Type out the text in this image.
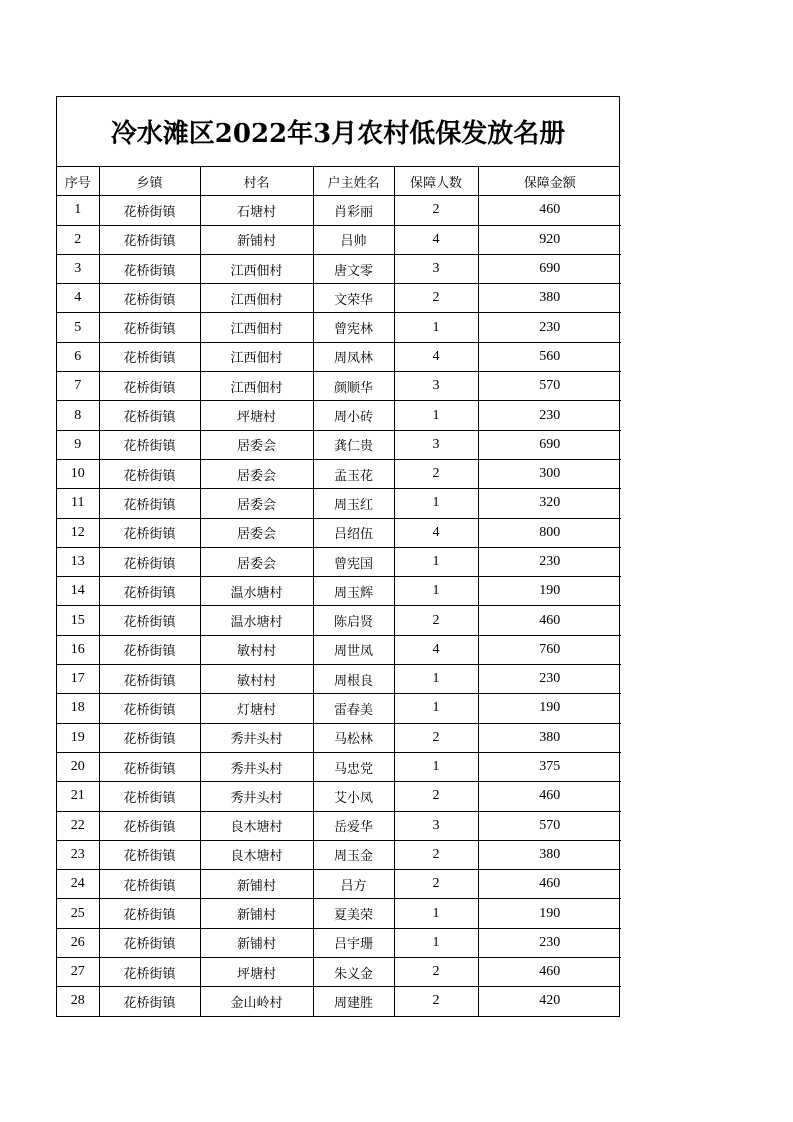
冷水滩区2022年3月农村低保发放名册
序号	乡镇	村名	户主姓名	保障人数	保障金额
1	花桥街镇	石塘村	肖彩丽	2	460
2	花桥街镇	新铺村	吕帅	4	920
3	花桥街镇	江西佃村	唐文零	3	690
4	花桥街镇	江西佃村	文荣华	2	380
5	花桥街镇	江西佃村	曾宪林	1	230
6	花桥街镇	江西佃村	周凤林	4	560
7	花桥街镇	江西佃村	颜顺华	3	570
8	花桥街镇	坪塘村	周小砖	1	230
9	花桥街镇	居委会	龚仁贵	3	690
10	花桥街镇	居委会	孟玉花	2	300
11	花桥街镇	居委会	周玉红	1	320
12	花桥街镇	居委会	吕绍伍	4	800
13	花桥街镇	居委会	曾宪国	1	230
14	花桥街镇	温水塘村	周玉辉	1	190
15	花桥街镇	温水塘村	陈启贤	2	460
16	花桥街镇	敏村村	周世凤	4	760
17	花桥街镇	敏村村	周根良	1	230
18	花桥街镇	灯塘村	雷春美	1	190
19	花桥街镇	秀井头村	马松林	2	380
20	花桥街镇	秀井头村	马忠党	1	375
21	花桥街镇	秀井头村	艾小凤	2	460
22	花桥街镇	良木塘村	岳爱华	3	570
23	花桥街镇	良木塘村	周玉金	2	380
24	花桥街镇	新铺村	吕方	2	460
25	花桥街镇	新铺村	夏美荣	1	190
26	花桥街镇	新铺村	吕宇珊	1	230
27	花桥街镇	坪塘村	朱义金	2	460
28	花桥街镇	金山岭村	周建胜	2	420
